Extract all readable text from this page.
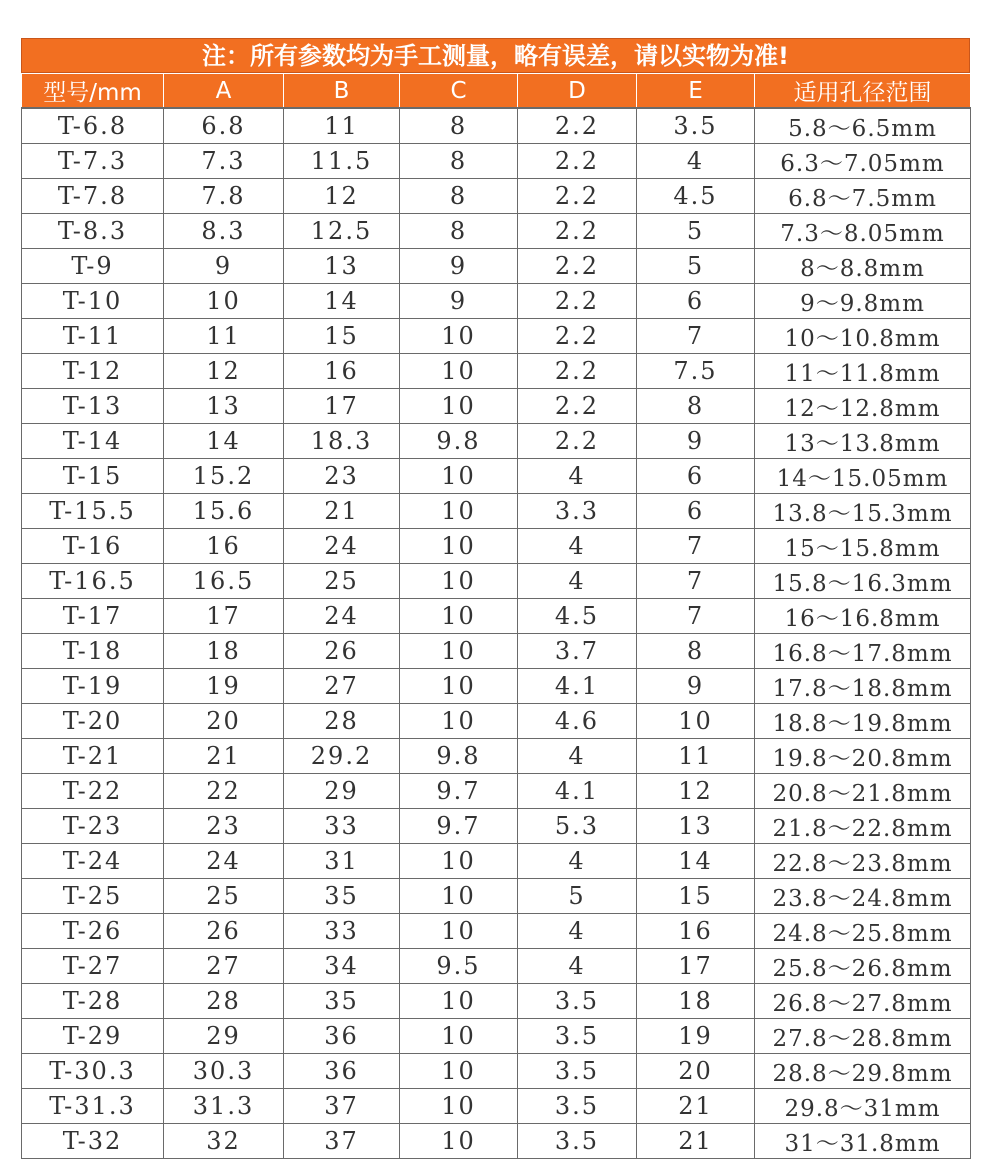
注：所有参数均为手工测量，略有误差，请以实物为准!
型号/mm	A	B	C	D	E	适用孔径范围
T-6.8	6.8	11	8	2.2	3.5	5.8～6.5mm
T-7.3	7.3	11.5	8	2.2	4	6.3～7.05mm
T-7.8	7.8	12	8	2.2	4.5	6.8～7.5mm
T-8.3	8.3	12.5	8	2.2	5	7.3～8.05mm
T-9	9	13	9	2.2	5	8～8.8mm
T-10	10	14	9	2.2	6	9～9.8mm
T-11	11	15	10	2.2	7	10～10.8mm
T-12	12	16	10	2.2	7.5	11～11.8mm
T-13	13	17	10	2.2	8	12～12.8mm
T-14	14	18.3	9.8	2.2	9	13～13.8mm
T-15	15.2	23	10	4	6	14～15.05mm
T-15.5	15.6	21	10	3.3	6	13.8～15.3mm
T-16	16	24	10	4	7	15～15.8mm
T-16.5	16.5	25	10	4	7	15.8～16.3mm
T-17	17	24	10	4.5	7	16～16.8mm
T-18	18	26	10	3.7	8	16.8～17.8mm
T-19	19	27	10	4.1	9	17.8～18.8mm
T-20	20	28	10	4.6	10	18.8～19.8mm
T-21	21	29.2	9.8	4	11	19.8～20.8mm
T-22	22	29	9.7	4.1	12	20.8～21.8mm
T-23	23	33	9.7	5.3	13	21.8～22.8mm
T-24	24	31	10	4	14	22.8～23.8mm
T-25	25	35	10	5	15	23.8～24.8mm
T-26	26	33	10	4	16	24.8～25.8mm
T-27	27	34	9.5	4	17	25.8～26.8mm
T-28	28	35	10	3.5	18	26.8～27.8mm
T-29	29	36	10	3.5	19	27.8～28.8mm
T-30.3	30.3	36	10	3.5	20	28.8～29.8mm
T-31.3	31.3	37	10	3.5	21	29.8～31mm
T-32	32	37	10	3.5	21	31～31.8mm
